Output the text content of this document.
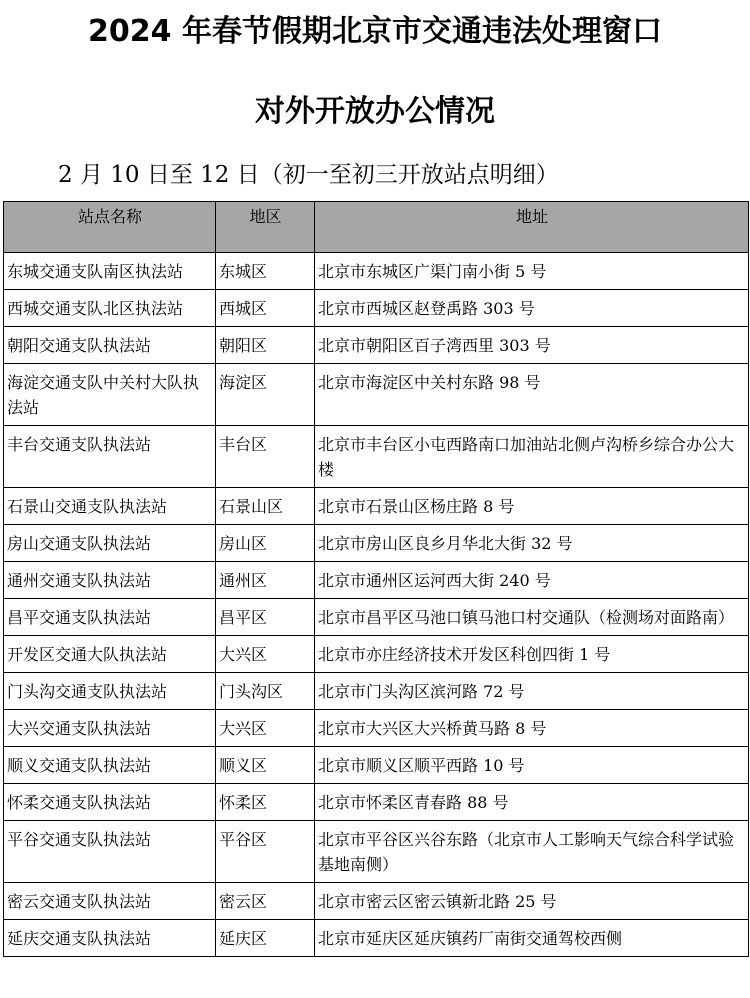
2024 年春节假期北京市交通违法处理窗口
对外开放办公情况
2 月 10 日至 12 日（初一至初三开放站点明细）
站点名称	地区	地址
东城交通支队南区执法站	东城区	北京市东城区广渠门南小街 5 号
西城交通支队北区执法站	西城区	北京市西城区赵登禹路 303 号
朝阳交通支队执法站	朝阳区	北京市朝阳区百子湾西里 303 号
海淀交通支队中关村大队执法站	海淀区	北京市海淀区中关村东路 98 号
丰台交通支队执法站	丰台区	北京市丰台区小屯西路南口加油站北侧卢沟桥乡综合办公大楼
石景山交通支队执法站	石景山区	北京市石景山区杨庄路 8 号
房山交通支队执法站	房山区	北京市房山区良乡月华北大街 32 号
通州交通支队执法站	通州区	北京市通州区运河西大街 240 号
昌平交通支队执法站	昌平区	北京市昌平区马池口镇马池口村交通队（检测场对面路南）
开发区交通大队执法站	大兴区	北京市亦庄经济技术开发区科创四街 1 号
门头沟交通支队执法站	门头沟区	北京市门头沟区滨河路 72 号
大兴交通支队执法站	大兴区	北京市大兴区大兴桥黄马路 8 号
顺义交通支队执法站	顺义区	北京市顺义区顺平西路 10 号
怀柔交通支队执法站	怀柔区	北京市怀柔区青春路 88 号
平谷交通支队执法站	平谷区	北京市平谷区兴谷东路（北京市人工影响天气综合科学试验基地南侧）
密云交通支队执法站	密云区	北京市密云区密云镇新北路 25 号
延庆交通支队执法站	延庆区	北京市延庆区延庆镇药厂南街交通驾校西侧
